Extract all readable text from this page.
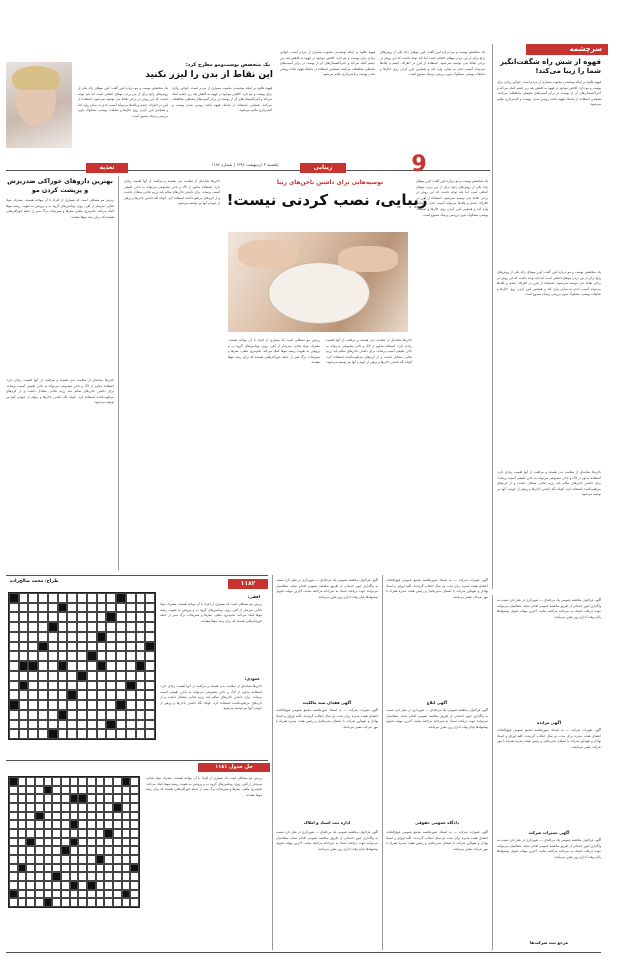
یک متخصص پوست‌ومو مطرح کرد:
این نقاط از بدن را لیزر نکنید
یک متخصص پوست و مو درباره لیزر گفت: لیزر موهای زائد یکی از روش‌های رایج برای از بین بردن موهای اضافی است اما باید توجه داشت که این روش در برخی نقاط بدن توصیه نمی‌شود. استفاده از لیزر در اطراف چشم و پلک‌ها می‌تواند آسیب جدی به بینایی وارد کند و همچنین لیزر کردن روی خال‌ها و ضایعات پوستی مشکوک بدون بررسی پزشک ممنوع است.
قهوه علاوه بر اینکه نوشیدنی محبوب بسیاری از مردم است، خواص زیادی برای پوست و مو دارد. کافئین موجود در قهوه به کاهش پف زیر چشم کمک می‌کند و آنتی‌اکسیدان‌های آن از پوست در برابر آسیب‌های محیطی محافظت می‌کنند. همچنین استفاده از ماسک قهوه باعث روشن شدن پوست و لایه‌برداری ملایم می‌شود.
قهوه علاوه بر اینکه نوشیدنی محبوب بسیاری از مردم است، خواص زیادی برای پوست و مو دارد. کافئین موجود در قهوه به کاهش پف زیر چشم کمک می‌کند و آنتی‌اکسیدان‌های آن از پوست در برابر آسیب‌های محیطی محافظت می‌کنند. همچنین استفاده از ماسک قهوه باعث روشن شدن پوست و لایه‌برداری ملایم می‌شود.
یک متخصص پوست و مو درباره لیزر گفت: لیزر موهای زائد یکی از روش‌های رایج برای از بین بردن موهای اضافی است اما باید توجه داشت که این روش در برخی نقاط بدن توصیه نمی‌شود. استفاده از لیزر در اطراف چشم و پلک‌ها می‌تواند آسیب جدی به بینایی وارد کند و همچنین لیزر کردن روی خال‌ها و ضایعات پوستی مشکوک بدون بررسی پزشک ممنوع است.
سرچشمه
قهوه از شش راه شگفت‌انگیز شما را زیبا می‌کند!
قهوه علاوه بر اینکه نوشیدنی محبوب بسیاری از مردم است، خواص زیادی برای پوست و مو دارد. کافئین موجود در قهوه به کاهش پف زیر چشم کمک می‌کند و آنتی‌اکسیدان‌های آن از پوست در برابر آسیب‌های محیطی محافظت می‌کنند. همچنین استفاده از ماسک قهوه باعث روشن شدن پوست و لایه‌برداری ملایم می‌شود.
یک متخصص پوست و مو درباره لیزر گفت: لیزر موهای زائد یکی از روش‌های رایج برای از بین بردن موهای اضافی است اما باید توجه داشت که این روش در برخی نقاط بدن توصیه نمی‌شود. استفاده از لیزر در اطراف چشم و پلک‌ها می‌تواند آسیب جدی به بینایی وارد کند و همچنین لیزر کردن روی خال‌ها و ضایعات پوستی مشکوک بدون بررسی پزشک ممنوع است.
ناخن‌ها نشانه‌ای از سلامت بدن هستند و مراقبت از آنها اهمیت زیادی دارد. استفاده مداوم از لاک و ناخن مصنوعی می‌تواند به ناخن طبیعی آسیب برساند. برای داشتن ناخن‌های سالم باید رژیم غذایی متعادل داشت و از کرم‌های مرطوب‌کننده استفاده کرد. کوتاه نگه داشتن ناخن‌ها و پرهیز از جویدن آنها نیز توصیه می‌شود.
یکشنبه ۳ اردیبهشت ۱۳۹۶ | شماره ۱۱۸۲
تغذیه	زیبایی	9
بهترین داروهای خوراکی ضدریزش و پرپشت کردن مو
ریزش مو مشکلی است که بسیاری از افراد با آن مواجه هستند. مصرف مواد غذایی سرشار از آهن، روی، ویتامین‌های گروه ب و پروتئین به تقویت ریشه موها کمک می‌کند. تخم‌مرغ، ماهی، مغزها و سبزیجات برگ سبز از جمله خوراکی‌هایی هستند که برای رشد موها مفیدند.
ناخن‌ها نشانه‌ای از سلامت بدن هستند و مراقبت از آنها اهمیت زیادی دارد. استفاده مداوم از لاک و ناخن مصنوعی می‌تواند به ناخن طبیعی آسیب برساند. برای داشتن ناخن‌های سالم باید رژیم غذایی متعادل داشت و از کرم‌های مرطوب‌کننده استفاده کرد. کوتاه نگه داشتن ناخن‌ها و پرهیز از جویدن آنها نیز توصیه می‌شود.
توصیه‌هایی برای داشتن ناخن‌های زیبا
زیبایی، نصب کردنی نیست!
ناخن‌ها نشانه‌ای از سلامت بدن هستند و مراقبت از آنها اهمیت زیادی دارد. استفاده مداوم از لاک و ناخن مصنوعی می‌تواند به ناخن طبیعی آسیب برساند. برای داشتن ناخن‌های سالم باید رژیم غذایی متعادل داشت و از کرم‌های مرطوب‌کننده استفاده کرد. کوتاه نگه داشتن ناخن‌ها و پرهیز از جویدن آنها نیز توصیه می‌شود.
ناخن‌ها نشانه‌ای از سلامت بدن هستند و مراقبت از آنها اهمیت زیادی دارد. استفاده مداوم از لاک و ناخن مصنوعی می‌تواند به ناخن طبیعی آسیب برساند. برای داشتن ناخن‌های سالم باید رژیم غذایی متعادل داشت و از کرم‌های مرطوب‌کننده استفاده کرد. کوتاه نگه داشتن ناخن‌ها و پرهیز از جویدن آنها نیز توصیه می‌شود.
ریزش مو مشکلی است که بسیاری از افراد با آن مواجه هستند. مصرف مواد غذایی سرشار از آهن، روی، ویتامین‌های گروه ب و پروتئین به تقویت ریشه موها کمک می‌کند. تخم‌مرغ، ماهی، مغزها و سبزیجات برگ سبز از جمله خوراکی‌هایی هستند که برای رشد موها مفیدند.
یک متخصص پوست و مو درباره لیزر گفت: لیزر موهای زائد یکی از روش‌های رایج برای از بین بردن موهای اضافی است اما باید توجه داشت که این روش در برخی نقاط بدن توصیه نمی‌شود. استفاده از لیزر در اطراف چشم و پلک‌ها می‌تواند آسیب جدی به بینایی وارد کند و همچنین لیزر کردن روی خال‌ها و ضایعات پوستی مشکوک بدون بررسی پزشک ممنوع است.
۱۱۸۲
طراح: محمد صالح‌زاده
افقی:
ریزش مو مشکلی است که بسیاری از افراد با آن مواجه هستند. مصرف مواد غذایی سرشار از آهن، روی، ویتامین‌های گروه ب و پروتئین به تقویت ریشه موها کمک می‌کند. تخم‌مرغ، ماهی، مغزها و سبزیجات برگ سبز از جمله خوراکی‌هایی هستند که برای رشد موها مفیدند.
عمودی:
ناخن‌ها نشانه‌ای از سلامت بدن هستند و مراقبت از آنها اهمیت زیادی دارد. استفاده مداوم از لاک و ناخن مصنوعی می‌تواند به ناخن طبیعی آسیب برساند. برای داشتن ناخن‌های سالم باید رژیم غذایی متعادل داشت و از کرم‌های مرطوب‌کننده استفاده کرد. کوتاه نگه داشتن ناخن‌ها و پرهیز از جویدن آنها نیز توصیه می‌شود.
حل جدول ۱۱۸۱
ریزش مو مشکلی است که بسیاری از افراد با آن مواجه هستند. مصرف مواد غذایی سرشار از آهن، روی، ویتامین‌های گروه ب و پروتئین به تقویت ریشه موها کمک می‌کند. تخم‌مرغ، ماهی، مغزها و سبزیجات برگ سبز از جمله خوراکی‌هایی هستند که برای رشد موها مفیدند.
آگهی فراخوان مناقصه عمومی یک مرحله‌ای — شهرداری در نظر دارد نسبت به واگذاری امور خدماتی از طریق مناقصه عمومی اقدام نماید. متقاضیان می‌توانند جهت دریافت اسناد به دبیرخانه مراجعه نمایند. آخرین مهلت تحویل پیشنهادها پایان وقت اداری روز مقرر می‌باشد.
آگهی فقدان سند مالکیت
آگهی تغییرات شرکت — به استناد صورتجلسه مجمع عمومی فوق‌العاده، اعضای هیئت مدیره برای مدت دو سال انتخاب گردیدند. کلیه اوراق و اسناد بهادار و تعهدآور شرکت با امضای مدیرعامل و رئیس هیئت مدیره همراه با مهر شرکت معتبر می‌باشد.
اداره ثبت اسناد و املاک
آگهی فراخوان مناقصه عمومی یک مرحله‌ای — شهرداری در نظر دارد نسبت به واگذاری امور خدماتی از طریق مناقصه عمومی اقدام نماید. متقاضیان می‌توانند جهت دریافت اسناد به دبیرخانه مراجعه نمایند. آخرین مهلت تحویل پیشنهادها پایان وقت اداری روز مقرر می‌باشد.
آگهی تغییرات شرکت — به استناد صورتجلسه مجمع عمومی فوق‌العاده، اعضای هیئت مدیره برای مدت دو سال انتخاب گردیدند. کلیه اوراق و اسناد بهادار و تعهدآور شرکت با امضای مدیرعامل و رئیس هیئت مدیره همراه با مهر شرکت معتبر می‌باشد.
آگهی ابلاغ
آگهی فراخوان مناقصه عمومی یک مرحله‌ای — شهرداری در نظر دارد نسبت به واگذاری امور خدماتی از طریق مناقصه عمومی اقدام نماید. متقاضیان می‌توانند جهت دریافت اسناد به دبیرخانه مراجعه نمایند. آخرین مهلت تحویل پیشنهادها پایان وقت اداری روز مقرر می‌باشد.
دادگاه عمومی حقوقی
آگهی تغییرات شرکت — به استناد صورتجلسه مجمع عمومی فوق‌العاده، اعضای هیئت مدیره برای مدت دو سال انتخاب گردیدند. کلیه اوراق و اسناد بهادار و تعهدآور شرکت با امضای مدیرعامل و رئیس هیئت مدیره همراه با مهر شرکت معتبر می‌باشد.
آگهی فراخوان مناقصه عمومی یک مرحله‌ای — شهرداری در نظر دارد نسبت به واگذاری امور خدماتی از طریق مناقصه عمومی اقدام نماید. متقاضیان می‌توانند جهت دریافت اسناد به دبیرخانه مراجعه نمایند. آخرین مهلت تحویل پیشنهادها پایان وقت اداری روز مقرر می‌باشد.
آگهی مزایده
آگهی تغییرات شرکت — به استناد صورتجلسه مجمع عمومی فوق‌العاده، اعضای هیئت مدیره برای مدت دو سال انتخاب گردیدند. کلیه اوراق و اسناد بهادار و تعهدآور شرکت با امضای مدیرعامل و رئیس هیئت مدیره همراه با مهر شرکت معتبر می‌باشد.
آگهی تغییرات شرکت
آگهی فراخوان مناقصه عمومی یک مرحله‌ای — شهرداری در نظر دارد نسبت به واگذاری امور خدماتی از طریق مناقصه عمومی اقدام نماید. متقاضیان می‌توانند جهت دریافت اسناد به دبیرخانه مراجعه نمایند. آخرین مهلت تحویل پیشنهادها پایان وقت اداری روز مقرر می‌باشد.
مرجع ثبت شرکت‌ها
